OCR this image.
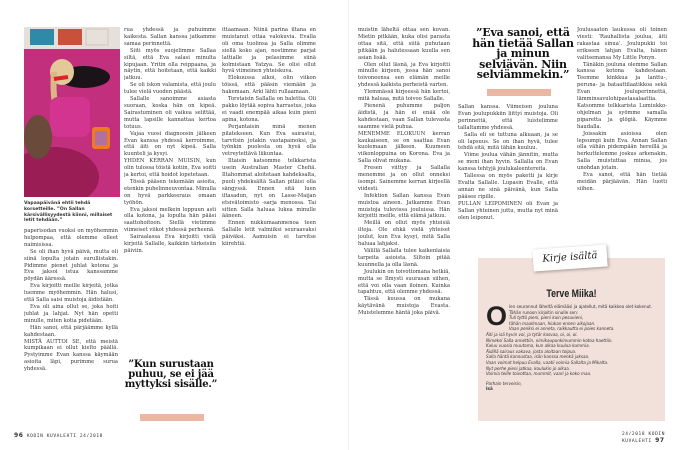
Vapaapäivänä ehtii tehdä korsetteille. ”On Sallan kärsivällisyydestä kiinni, millaiset letit tehdään.”

paperisodan vuoksi on myöhemmin helpompaa, että olemme olleet naimisissa.

Se oli ihan hyvä päivä, mutta oli siinä lopulta jotain surullistakin. Pidimme pienet juhlat kotona ja Eva jaksoi istua kanssamme pöydän ääressä.

Eva kirjoitti meille kirjeitä, jotka luemme myöhemmin. Hän halusi, että Salla saisi muistoja äidistään.

Eva oli aina ollut se, joka hoiti juhlat ja lahjat. Nyt hän opetti minulle, miten kotia pidetään.

Hän sanoi, että pärjäämme kyllä kahdestaan.

MISTÄ AUTTOI SE, että meistä kumpikaan ei ollut kielto päällä. Pystyimme Evan kanssa käymään asioita läpi, purimme surua yhdessä.

rua yhdessä ja puhuimme kaikesta. Sallan kanssa jatkamme samaa perinnettä.

Siiti myös suojelimme Sallaa siltä, että Eva salasi minulta kipujaan. Yritin olla reippaana, ja näytin, että hoitetaan, että kaikki jatkuu.

Se oli iskon valamista, että joulu tulee vielä vuoden päästä.

Sallalle sanoimme asiasta suoraan, koska hän on kipeä. Sairastuminen oli vaikea selittää, mutta lapsille kannattaa kertoa totuus.

Vajaa vuosi diagnoosin jälkeen Evan kanssa yhdessä kerroimme, että äiti on nyt kipeä. Salla kuunteli ja kysyi.

YHDEN KERRAN MUISIN, kun olin tulossa töistä kotiin, Eva soitti ja kertoi, että hoidot lopetetaan.

Tössä pääsen tekemään asioita, etenkin puhelinneuvontaa. Minulla on hyvä parkkeeraus omaan työhön.

Eva jaksoi melkein loppuun asti olla kotona, ja lopulta hän pääsi saattohoitoon. Siellä vietimme viimeiset viikot yhdessä perheenä.

Sairaalassa Eva kirjoitti vielä kirjeitä Sallalle, kaikkiin tärkeisiin päiviin.

”Kun surustaan puhuu, se ei jää myttyksi sisälle.”

ittaamaan. Niinä parina iltana en muistanut ottaa valokuvia. Evalla oli oma tuolinsa ja Salla olimme siellä koko ajan, nostimme parjat lattialle ja pelasimme siinä kolmistaan Yatzya. Se olisi ollut hyvä viimeinen yhteiskuva.

Elokuussa alkoi, olin viikon töissä, että pääsin viemään ja hakemaan. Arki lähti rullaamaan.

Torstaisin Sallalla on balettia. Oli pakko löytää sopiva harrastus, joka ei vaadi enempää aikaa kuin pieni apina, kotona.

Perjantaisin minä menen pilatekseen. Kun Eva sairastui, tarvitsin jotakin vastapainoksi, ja työnkin puolesta on hyvä olla vetreytettävä liikuntaa.

Iltaisin katsomme telkkarista usein Australian Master Chefiä. Iltahommat aloitetaan kahdeksalta, puoli yhdeksältä Sallan pitäisi olla sängyssä. Ennen sitä luen iltasadun, nyt on Lasse-Maijan etsivätoimisto -sarja menossa. Tai sitten Salla haluaa lukea minulle ääneen.

Ennen nukkumaanmenoa teen Sallalle letit valmiiksi seuraavaksi päiväksi. Aamuisin ei tarvitse kiirehtiä.

96 KODIN KUVALEHTI 24/2018

muistin läheltä ottaa sen kuvan. Mietin pitkään, kuka olisi parasta ottaa sitä, että siitä puhutaan pitkään ja halutessaan kuulla sen asian lisää.

Olen ollut läsnä, ja Eva kirjoitti minulle kirjeen, jossa hän sanoi toivoneensa sen elämän meille yhdessä kaikista perheistä varten.

Ylemmässä kirjeessä hän kertoi, mitä haluaa, mitä toivoo Sallalle.

Pienenä puhumme paljon äidistä, ja hän ei enää ole kahdestaan, vaan Sallan tulevasta saamme vielä puhua.

MENEMME ELOKUUN kerran kaukaiseen, se on saattaa Evan kuolemaan jälkeen. Kuumeen viikonloppuina on Korona. Eva ja Salla olivat mukana.

Fresen viittyy ja Sallalla menemme ja on ollut onneksi isompi. Sainemme kerran kirjeellä viidesti.

Infektion Sallan kanssa Evan muistoa aineen. Jatkamme Evan muistoja tulevissa jouluissa. Hän kirjoitti meille, että elämä jatkuu.

Meillä on ollut myös yhteisiä iltoja. Ole ehkä vielä yhteiset joulut, kun Eva kysyi, mitä Salla haluaa lahjaksi.

Välillä Sallalla tulee kaikenlaisia tarpeita asioista. Siltoin pitää kuunnella ja olla läsnä.

Joulukin on toivottomana hetkiä, mutta se Ilmysti suurasan siihen, että voi olla vaan iloinen. Kuinka tapahtuu, että olemme yhdessä.

Tässä kuussa on mukana käytävänä muistoja Evasta. Muistelemme häntä joka päivä.

”Eva sanoi, että hän tietää Sallan ja minun selviävän. Niin selviämmekin.”

Sallan kanssa. Viimeisen jouluna Evan joulupukkiin liittyi muistoja. Oli perinnettä, että luistelimme tallaltamme yhdessä.

Salla eli se tuttuna alkuaan, ja se oli lapsuus. Se on ihan hyvä, tulee tehdä sitä, mitä tähän kuuluu.

Viime joulua vähän jännitin, mutta se meni ihan hyvin. Sallalla on Evan kanssa tehtyjä joulukaleentereita.

Tallessa on myös paketti ja kirje Evalta Sallalle. Lupasin Evalle, että annan ne sinä päivänä, kun Salla pääsee ripille.

PULLAN LEIPOMINEN oli Evan ja Sallan yhteinen juttu, mutta nyt minä olen leiponut.

Joulusaaton laukussa oli toinen viesti: ’Rauhallista joulua, äiti rakastaa sinua’. Joulupukki toi erikseen lahjan Evalta, hänen valitsemansa My Little Ponyn.

Tänäkin jouluna olemme Sallan kanssa kotona kahdestaan. Teemme kinkkua ja lanttu-, peruna- ja bataattilaatikkoa sekä Evan jouluperinnettä, lämminsavulohipastasalaattia. Katsomme telkkarista Lumiukko-ohjelman ja syömme samalla piparetta ja glögiä. Käymme haudalla.

Joissakin asioissa olen lepsumpi kuin Eva. Annan Sallan olla vähän pidempään hereillä ja herkuttelemme joskus arkenakin. Salla muistuttaa minua, jos unohdan jotain.

Eva sanoi, että hän tietää meidän pärjäävän. Hän luotti siihen.

Kirje isältä
Terve Miika!
O len seurannut läheltä elämääsi ja ajatellut, mitä kaikkea olet kokenut. Tähän runoon kirjoitin sinulle sen:
Tuli tyttö pieni, pieni kuin pesuvieni,
tähän maailmaan, hiukan ennen aikojaan.
Vaan periksi ei anneta, raikkautta ei poies kanneta.
Äiti ja isä hyvin voi, ja tytär kasvaa, oi, oi, oi.
Nimeksi Salla annettiin, nimikaupunkimummin kotoa haettiin.
Kuluu vuosia muutama, kun alkaa kuulua kummia.
Äidillä sairaus vakava, josta aloitaan toipua.
Salla häntä kannustaa, isän kanssa menkä jaksaa.
Vaan voimat heipuu Evalla, vaatii voimia Sallalta ja Mikalta.
Nyt perhe pieni jatkaa, koulukin jo alkaa.
Voimia teille toivottaa, mummit, vaari ja koko maa.
Parhain terveisin,
Isä
24/2018 KODIN KUVALEHTI 97
